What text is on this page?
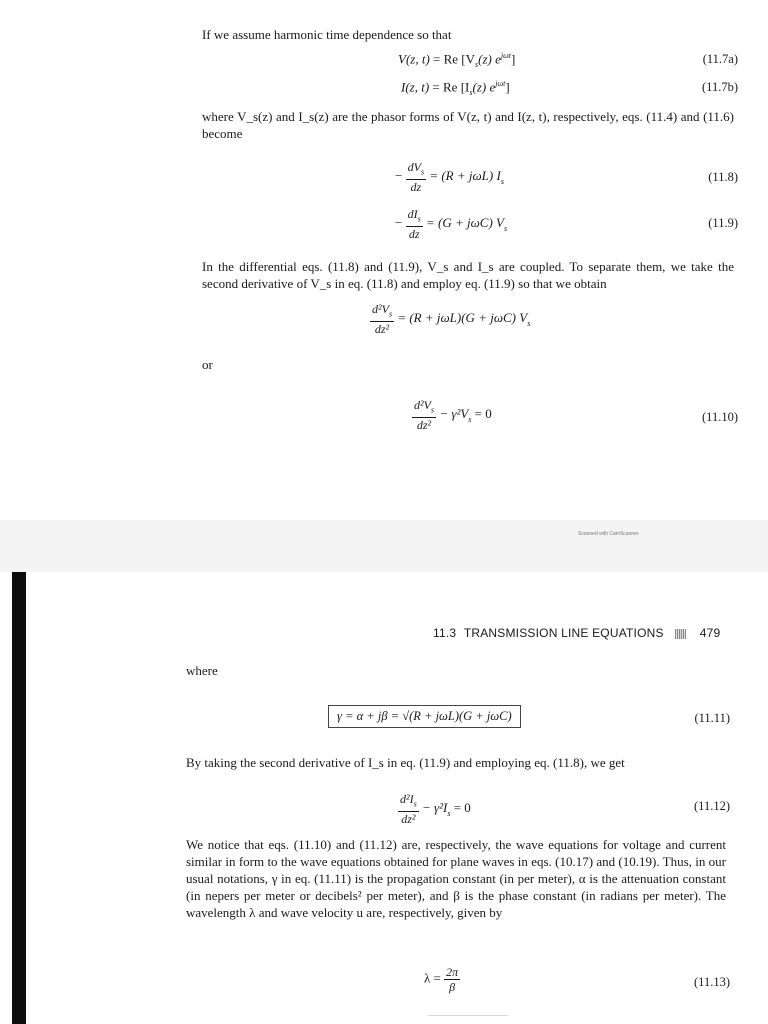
If we assume harmonic time dependence so that
V(z, t) = Re [$V_s(z)$ $e^{j\omega t}$]	(11.7a)
I(z, t) = Re [$I_s(z)$ $e^{j\omega t}$]	(11.7b)
where V_s(z) and I_s(z) are the phasor forms of V(z, t) and I(z, t), respectively, eqs. (11.4) and (11.6) become
− $\frac{dV_s}{dz} = (R + j\omega L)$ $I_s$	(11.8)
− $\frac{dI_s}{dz} = (G + j\omega C)$ $V_s$	(11.9)
In the differential eqs. (11.8) and (11.9), V_s and I_s are coupled. To separate them, we take the second derivative of V_s in eq. (11.8) and employ eq. (11.9) so that we obtain
$\frac{d^2V_s}{\text{dz²}} = (R + j\omega L)(G + j\omega C)$ $V_s$
or
$\frac{d^2V_s}{\text{dz²}} - \gamma^2V_s = 0$	(11.10)
Scanned with CamScanner
11.3 TRANSMISSION LINE EQUATIONS	479
where
γ = α + jβ = √(R + jωL)(G + jωC)	(11.11)
By taking the second derivative of I_s in eq. (11.9) and employing eq. (11.8), we get
$\frac{d^2I_s}{\text{dz²}} - \gamma^2I_s = 0$	(11.12)
We notice that eqs. (11.10) and (11.12) are, respectively, the wave equations for voltage and current similar in form to the wave equations obtained for plane waves in eqs. (10.17) and (10.19). Thus, in our usual notations, γ in eq. (11.11) is the propagation constant (in per meter), α is the attenuation constant (in nepers per meter or decibels² per meter), and β is the phase constant (in radians per meter). The wavelength λ and wave velocity u are, respectively, given by
$\lambda = \frac{2\pi}{\beta}$	(11.13)
